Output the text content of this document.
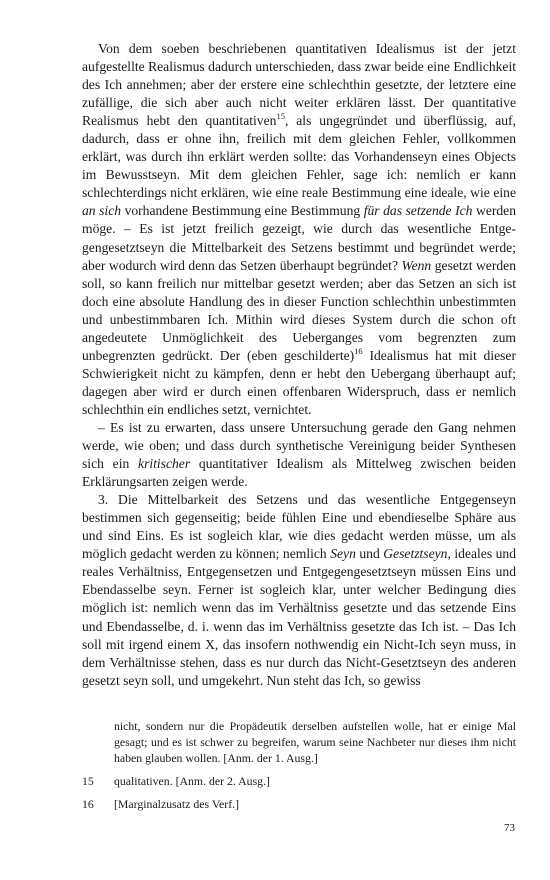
Von dem soeben beschriebenen quantitativen Idealismus ist der jetzt aufgestellte Realismus dadurch unterschieden, dass zwar beide eine Endlichkeit des Ich annehmen; aber der erstere eine schlechthin gesetzte, der letztere eine zufällige, die sich aber auch nicht weiter erklären lässt. Der quantitative Realismus hebt den quantitativen$^{15}$, als ungegründet und überflüssig, auf, dadurch, dass er ohne ihn, freilich mit dem gleichen Fehler, vollkommen erklärt, was durch ihn erklärt werden sollte: das Vorhandenseyn eines Objects im Bewusstseyn. Mit dem gleichen Fehler, sage ich: nemlich er kann schlechterdings nicht erklären, wie eine reale Bestimmung eine ideale, wie eine an sich vorhandene Bestimmung eine Bestimmung für das setzende Ich werden möge. – Es ist jetzt freilich gezeigt, wie durch das wesentliche Entgegengesetztseyn die Mittelbarkeit des Setzens bestimmt und begründet werde; aber wodurch wird denn das Setzen überhaupt begründet? Wenn gesetzt werden soll, so kann freilich nur mittelbar gesetzt werden; aber das Setzen an sich ist doch eine absolute Handlung des in dieser Function schlechthin unbestimmten und unbestimmbaren Ich. Mithin wird dieses System durch die schon oft angedeutete Unmöglichkeit des Ueberganges vom begrenzten zum unbegrenzten gedrückt. Der (eben geschilderte)$^{16}$ Idealismus hat mit dieser Schwierigkeit nicht zu kämpfen, denn er hebt den Uebergang überhaupt auf; dagegen aber wird er durch einen offenbaren Widerspruch, dass er nemlich schlechthin ein endliches setzt, vernichtet.

– Es ist zu erwarten, dass unsere Untersuchung gerade den Gang nehmen werde, wie oben; und dass durch synthetische Vereinigung beider Synthesen sich ein kritischer quantitativer Idealism als Mittelweg zwischen beiden Erklärungsarten zeigen werde.

3. Die Mittelbarkeit des Setzens und das wesentliche Entgegenseyn bestimmen sich gegenseitig; beide fühlen Eine und ebendieselbe Sphäre aus und sind Eins. Es ist sogleich klar, wie dies gedacht werden müsse, um als möglich gedacht werden zu können; nemlich Seyn und Gesetztseyn, ideales und reales Verhältniss, Entgegensetzen und Entgegengesetztseyn müssen Eins und Ebendasselbe seyn. Ferner ist sogleich klar, unter welcher Bedingung dies möglich ist: nemlich wenn das im Verhältniss gesetzte und das setzende Eins und Ebendasselbe, d. i. wenn das im Verhältniss gesetzte das Ich ist. – Das Ich soll mit irgend einem X, das insofern nothwendig ein Nicht-Ich seyn muss, in dem Verhältnisse stehen, dass es nur durch das Nicht-Gesetztseyn des anderen gesetzt seyn soll, und umgekehrt. Nun steht das Ich, so gewiss

nicht, sondern nur die Propädeutik derselben aufstellen wolle, hat er einige Mal gesagt; und es ist schwer zu begreifen, warum seine Nachbeter nur dieses ihm nicht haben glauben wollen. [Anm. der 1. Ausg.]

15	qualitativen. [Anm. der 2. Ausg.]
16	[Marginalzusatz des Verf.]
73
